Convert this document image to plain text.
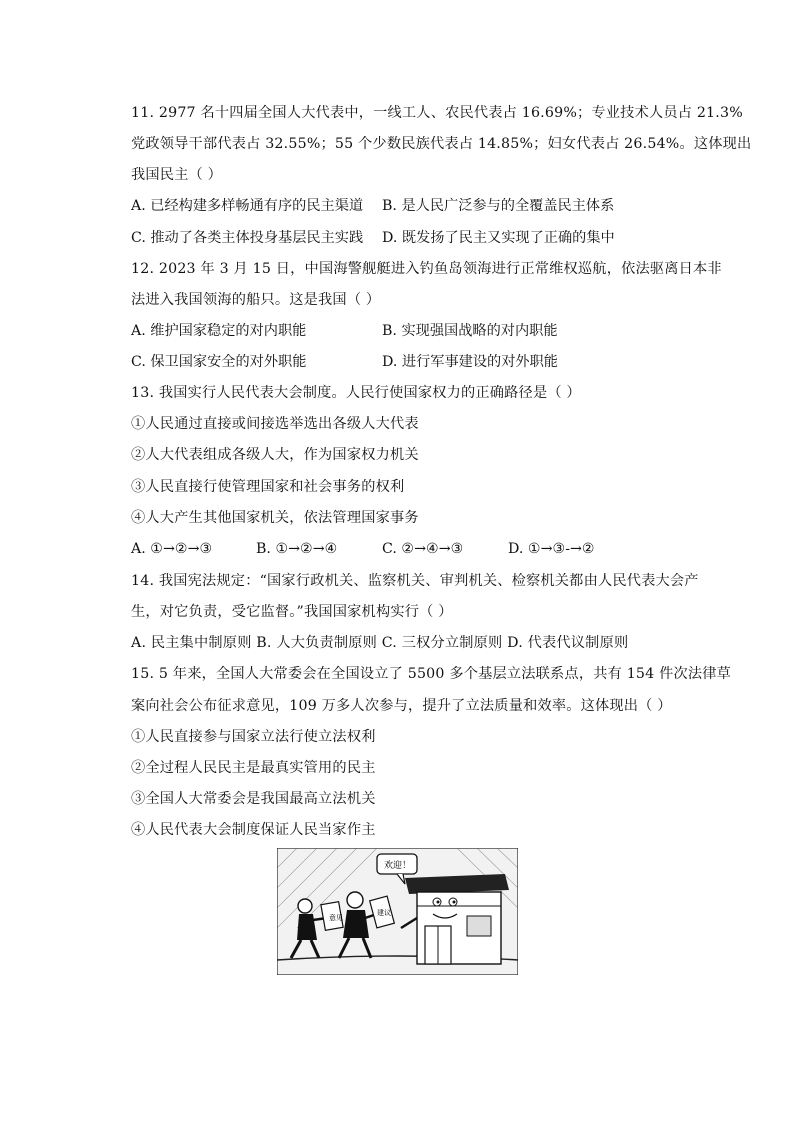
11. 2977 名十四届全国人大代表中，一线工人、农民代表占 16.69%；专业技术人员占 21.3%
党政领导干部代表占 32.55%；55 个少数民族代表占 14.85%；妇女代表占 26.54%。这体现出
我国民主（ ）
A. 已经构建多样畅通有序的民主渠道 B. 是人民广泛参与的全覆盖民主体系
C. 推动了各类主体投身基层民主实践 D. 既发扬了民主又实现了正确的集中
12. 2023 年 3 月 15 日，中国海警舰艇进入钓鱼岛领海进行正常维权巡航，依法驱离日本非
法进入我国领海的船只。这是我国（ ）
A. 维护国家稳定的对内职能	B. 实现强国战略的对内职能
C. 保卫国家安全的对外职能	D. 进行军事建设的对外职能
13. 我国实行人民代表大会制度。人民行使国家权力的正确路径是（ ）
①人民通过直接或间接选举选出各级人大代表
②人大代表组成各级人大，作为国家权力机关
③人民直接行使管理国家和社会事务的权利
④人大产生其他国家机关，依法管理国家事务
A. ①→②→③	B. ①→②→④	C. ②→④→③	D. ①→③-→②
14. 我国宪法规定：“国家行政机关、监察机关、审判机关、检察机关都由人民代表大会产
生，对它负责，受它监督。”我国国家机构实行（ ）
A. 民主集中制原则 B. 人大负责制原则 C. 三权分立制原则 D. 代表代议制原则
15. 5 年来，全国人大常委会在全国设立了 5500 多个基层立法联系点，共有 154 件次法律草
案向社会公布征求意见，109 万多人次参与，提升了立法质量和效率。这体现出（ ）
①人民直接参与国家立法行使立法权利
②全过程人民民主是最真实管用的民主
③全国人大常委会是我国最高立法机关
④人民代表大会制度保证人民当家作主
意见
建议
欢迎！
